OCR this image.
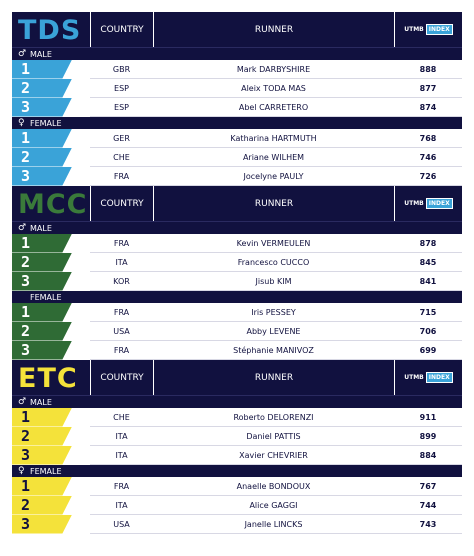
TDS	COUNTRY	RUNNER	UTMB INDEX
♂ MALE
1	GBR	Mark DARBYSHIRE	888
2	ESP	Aleix TODA MAS	877
3	ESP	Abel CARRETERO	874
♀ FEMALE
1	GER	Katharina HARTMUTH	768
2	CHE	Ariane WILHEM	746
3	FRA	Jocelyne PAULY	726
MCC	COUNTRY	RUNNER	UTMB INDEX
♂ MALE
1	FRA	Kevin VERMEULEN	878
2	ITA	Francesco CUCCO	845
3	KOR	Jisub KIM	841
FEMALE
1	FRA	Iris PESSEY	715
2	USA	Abby LEVENE	706
3	FRA	Stéphanie MANIVOZ	699
ETC	COUNTRY	RUNNER	UTMB INDEX
♂ MALE
1	CHE	Roberto DELORENZI	911
2	ITA	Daniel PATTIS	899
3	ITA	Xavier CHEVRIER	884
♀ FEMALE
1	FRA	Anaelle BONDOUX	767
2	ITA	Alice GAGGI	744
3	USA	Janelle LINCKS	743
